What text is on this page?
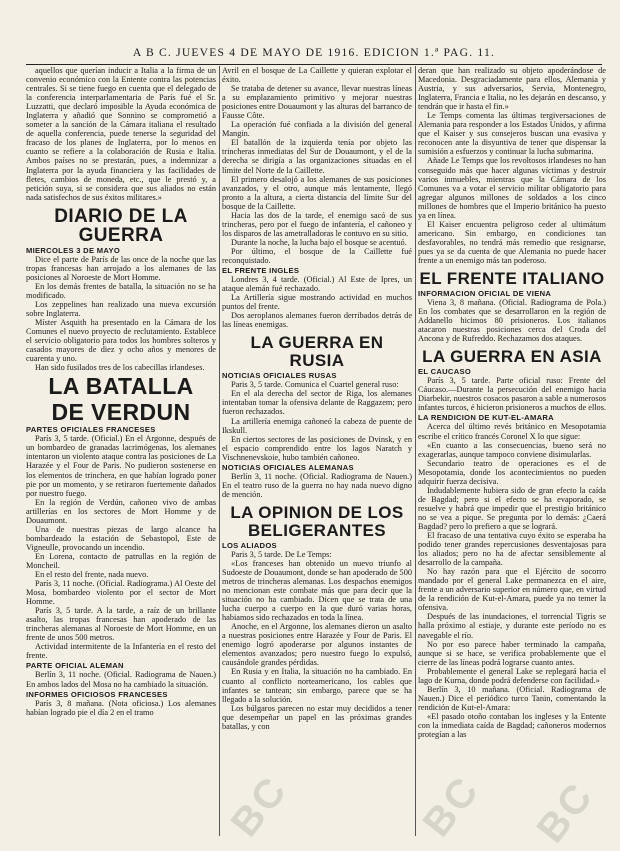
A B C. JUEVES 4 DE MAYO DE 1916. EDICION 1.ª PAG. 11.

aquellos que querían inducir a Italia a la firma de un convenio económico con la Entente contra las potencias centrales. Si se tiene fuego en cuenta que el delegado de la conferencia interparlamentaria de París fué el Sr. Luzzatti, que declaró imposible la Ayuda económica de Inglaterra y añadió que Sonnino se comprometió a someter a la sanción de la Cámara italiana el resultado de aquella conferencia, puede tenerse la seguridad del fracaso de los planes de Inglaterra, por lo menos en cuanto se refiere a la colaboración de Rusia e Italia. Ambos países no se prestarán, pues, a indemnizar a Inglaterra por la ayuda financiera y las facilidades de fletes, cambios de moneda, etc., que le prestó y, a petición suya, si se considera que sus aliados no están nada satisfechos de sus éxitos militares.»

DIARIO DE LA GUERRA
MIERCOLES 3 DE MAYO

Dice el parte de París de las once de la noche que las tropas francesas han arrojado a los alemanes de las posiciones al Noroeste de Mort Homme.

En los demás frentes de batalla, la situación no se ha modificado.

Los zeppelines han realizado una nueva excursión sobre Inglaterra.

Míster Asquith ha presentado en la Cámara de los Comunes el nuevo proyecto de reclutamiento. Establece el servicio obligatorio para todos los hombres solteros y casados mayores de diez y ocho años y menores de cuarenta y uno.

Han sido fusilados tres de los cabecillas irlandeses.

LA BATALLA
DE VERDUN
PARTES OFICIALES FRANCESES

París 3, 5 tarde. (Oficial.) En el Argonne, después de un bombardeo de granadas lacrimógenas, los alemanes intentaron un violento ataque contra las posiciones de La Harazée y el Four de Paris. No pudieron sostenerse en los elementos de trinchera, en que habían logrado poner pie por un momento, y se retiraron fuertemente dañados por nuestro fuego.

En la región de Verdún, cañoneo vivo de ambas artillerías en los sectores de Mort Homme y de Douaumont.

Una de nuestras piezas de largo alcance ha bombardeado la estación de Sebastopol, Este de Vigneulle, provocando un incendio.

En Lorena, contacto de patrullas en la región de Moncheil.

En el resto del frente, nada nuevo.

París 3, 11 noche. (Oficial. Radiograma.) Al Oeste del Mosa, bombardeo violento por el sector de Mort Homme.

París 3, 5 tarde. A la tarde, a raíz de un brillante asalto, las tropas francesas han apoderado de las trincheras alemanas al Noroeste de Mort Homme, en un frente de unos 500 metros.

Actividad intermitente de la Infantería en el resto del frente.

PARTE OFICIAL ALEMAN

Berlín 3, 11 noche. (Oficial. Radiograma de Nauen.) En ambos lados del Mosa no ha cambiado la situación.

INFORMES OFICIOSOS FRANCESES

París 3, 8 mañana. (Nota oficiosa.) Los alemanes habían logrado pie el día 2 en el tramo

Avril en el bosque de La Caillette y quieran explotar el éxito.

Se trataba de detener su avance, llevar nuestras líneas a su emplazamiento primitivo y mejorar nuestras posiciones entre Douaumont y las alturas del barranco de Fausse Côte.

La operación fué confiada a la división del general Mangin.

El batallón de la izquierda tenía por objeto las trincheras inmediatas del Sur de Douaumont, y el de la derecha se dirigía a las organizaciones situadas en el límite del Norte de la Caillette.

El primero desalojó a los alemanes de sus posiciones avanzados, y el otro, aunque más lentamente, llegó pronto a la altura, a cierta distancia del límite Sur del bosque de la Caillette.

Hacia las dos de la tarde, el enemigo sacó de sus trincheras, pero por el fuego de infantería, el cañoneo y los disparos de las ametralladoras le contuvo en su sitio.

Durante la noche, la lucha bajo el bosque se acentuó.

Por último, el bosque de la Caillette fué reconquistado.

EL FRENTE INGLES

Londres 3, 4 tarde. (Oficial.) Al Este de Ipres, un ataque alemán fué rechazado.

La Artillería sigue mostrando actividad en muchos puntos del frente.

Dos aeroplanos alemanes fueron derribados detrás de las líneas enemigas.

LA GUERRA EN RUSIA
NOTICIAS OFICIALES RUSAS

Paris 3, 5 tarde. Comunica el Cuartel general ruso:

En el ala derecha del sector de Riga, los alemanes intentaban tomar la ofensiva delante de Raggazem; pero fueron rechazados.

La artillería enemiga cañoneó la cabeza de puente de Ikskull.

En ciertos sectores de las posiciones de Dvinsk, y en el espacio comprendido entre los lagos Naratch y Vischnenevskoie, hubo también cañoneo.

NOTICIAS OFICIALES ALEMANAS

Berlín 3, 11 noche. (Oficial. Radiograma de Nauen.) En el teatro ruso de la guerra no hay nada nuevo digno de mención.

LA OPINION DE LOS BELIGERANTES
LOS ALIADOS

Paris 3, 5 tarde. De Le Temps:

«Los franceses han obtenido un nuevo triunfo al Sudoeste de Douaumont, donde se han apoderado de 500 metros de trincheras alemanas. Los despachos enemigos no mencionan este combate más que para decir que la situación no ha cambiado. Dicen que se trata de una lucha cuerpo a cuerpo en la que duró varias horas, habiamos sido rechazados en toda la línea.

Anoche, en el Argonne, los alemanes dieron un asalto a nuestras posiciones entre Harazée y Four de Paris. El enemigo logró apoderarse por algunos instantes de elementos avanzados; pero nuestro fuego lo expulsó, causándole grandes pérdidas.

En Rusia y en Italia, la situación no ha cambiado. En cuanto al conflicto norteamericano, los cables que infantes se tantean; sin embargo, parece que se ha llegado a la solución.

Los búlgaros parecen no estar muy decididos a tener que desempeñar un papel en las próximas grandes batallas, y con

deran que han realizado su objeto apoderándose de Macedonia. Desgraciadamente para ellos, Alemania y Austria, y sus adversarios, Servia, Montenegro, Inglaterra, Francia e Italia, no les dejarán en descanso, y tendrán que ir hasta el fin.»

Le Temps comenta las últimas tergiversaciones de Alemania para responder a los Estados Unidos, y afirma que el Kaiser y sus consejeros buscan una evasiva y reconocen ante la disyuntiva de tener que dispensar la sumisión a esfuerzos y continuar la lucha submarina.

Añade Le Temps que los revoltosos irlandeses no han conseguido más que hacer algunas víctimas y destruir varios inmuebles, mientras que la Cámara de los Comunes va a votar el servicio militar obligatorio para agregar algunos millones de soldados a los cinco millones de hombres que el Imperio británico ha puesto ya en línea.

El Kaiser encuentra peligroso ceder al ultimátum americano. Sin embargo, en condiciones tan desfavorables, no tendrá más remedio que resignarse, pues ya se da cuenta de que Alemania no puede hacer frente a un enemigo más tan poderoso.

EL FRENTE ITALIANO
INFORMACION OFICIAL DE VIENA

Viena 3, 8 mañana. (Oficial. Radiograma de Pola.) En los combates que se desarrollaron en la región de Addanello hicimos 80 prisioneros. Los italianos atacaron nuestras posiciones cerca del Croda del Ancona y de Rufreddo. Rechazamos dos ataques.

LA GUERRA EN ASIA
EL CAUCASO

París 3, 5 tarde. Parte oficial ruso: Frente del Cáucaso.—Durante la persecución del enemigo hacia Diarbekir, nuestros cosacos pasaron a sable a numerosos infantes turcos, é hicieron prisioneros a muchos de ellos.

LA RENDICION DE KUT-EL-AMARA

Acerca del último revés británico en Mesopotamia escribe el crítico francés Coronel X lo que sigue:

«En cuanto a las consecuencias, bueno será no exagerarlas, aunque tampoco conviene disimularlas.

Secundario teatro de operaciones es el de Mesopotamia, donde los acontecimientos no pueden adquirir fuerza decisiva.

Indudablemente hubiera sido de gran efecto la caída de Bagdad; pero si el efecto se ha evaporado, se resuelve y habrá que impedir que el prestigio británico no se vea a pique. Se pregunta por lo demás: ¿Caerá Bagdad? pero lo prefiero a que se logrará.

El fracaso de una tentativa cuyo éxito se esperaba ha podido tener grandes repercusiones desventajosas para los aliados; pero no ha de afectar sensiblemente al desarrollo de la campaña.

No hay razón para que el Ejército de socorro mandado por el general Lake permanezca en el aire, frente a un adversario superior en número que, en virtud de la rendición de Kut-el-Amara, puede ya no temer la ofensiva.

Después de las inundaciones, el torrencial Tigris se halla próximo al estiaje, y durante este período no es navegable el río.

No por eso parece haber terminado la campaña, aunque si se hace, se verifica probablemente que el cierre de las líneas podrá lograrse cuanto antes.

Probablemente el general Lake se replegará hacia el lago de Kurna, donde podrá defenderse con facilidad.»

Berlín 3, 10 mañana. (Oficial. Radiograma de Nauen.) Dice el periódico turco Tanin, comentando la rendición de Kut-el-Amara:

«El pasado otoño contaban los ingleses y la Entente con la inmediata caída de Bagdad; cañoneros modernos protegían a las

BC	BC BC
